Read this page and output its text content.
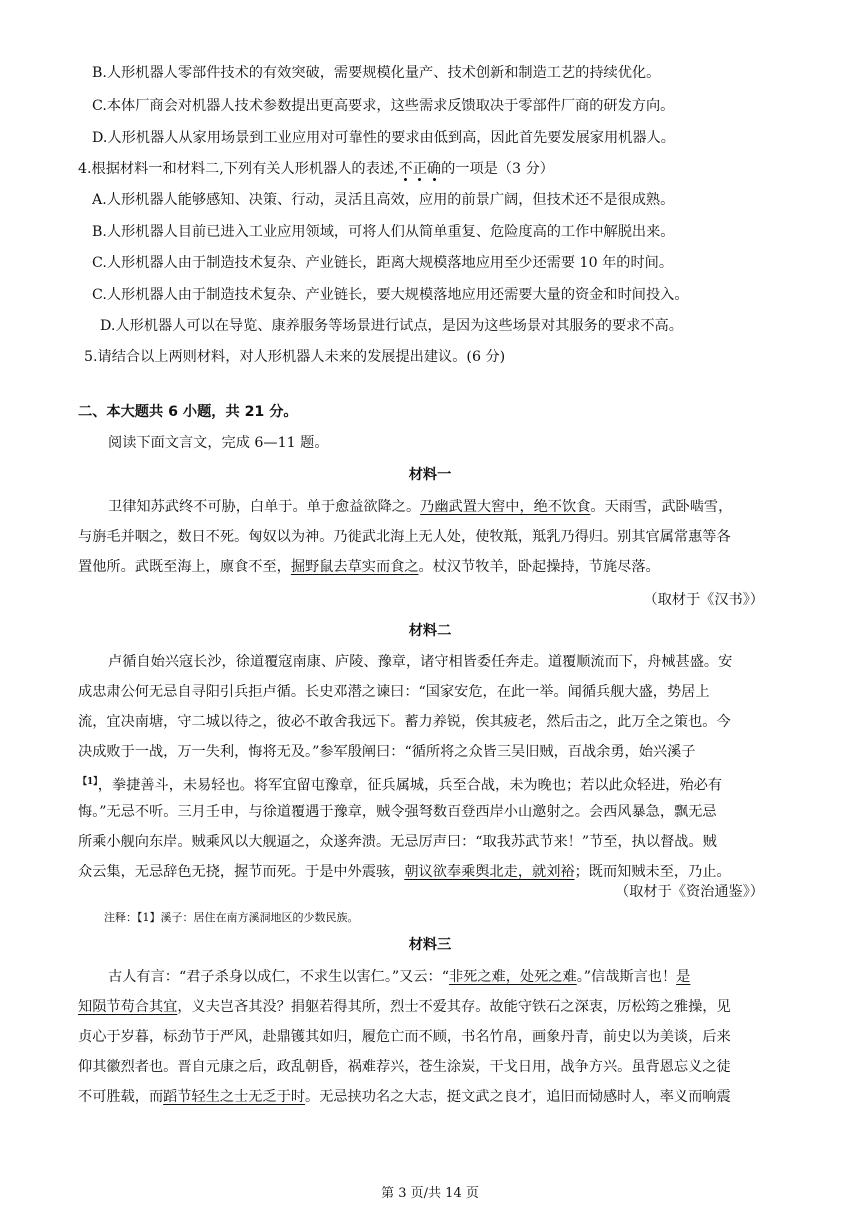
B.人形机器人零部件技术的有效突破，需要规模化量产、技术创新和制造工艺的持续优化。
C.本体厂商会对机器人技术参数提出更高要求，这些需求反馈取决于零部件厂商的研发方向。
D.人形机器人从家用场景到工业应用对可靠性的要求由低到高，因此首先要发展家用机器人。
4.根据材料一和材料二,下列有关人形机器人的表述,不正确的一项是（3 分）
A.人形机器人能够感知、决策、行动，灵活且高效，应用的前景广阔，但技术还不是很成熟。
B.人形机器人目前已进入工业应用领域，可将人们从简单重复、危险度高的工作中解脱出来。
C.人形机器人由于制造技术复杂、产业链长，距离大规模落地应用至少还需要 10 年的时间。
C.人形机器人由于制造技术复杂、产业链长，要大规模落地应用还需要大量的资金和时间投入。
D.人形机器人可以在导览、康养服务等场景进行试点，是因为这些场景对其服务的要求不高。
5.请结合以上两则材料，对人形机器人未来的发展提出建议。(6 分)
二、本大题共 6 小题，共 21 分。
阅读下面文言文，完成 6—11 题。
材料一
卫律知苏武终不可胁，白单于。单于愈益欲降之。乃幽武置大窖中，绝不饮食。天雨雪，武卧啮雪，
与旃毛并咽之，数日不死。匈奴以为神。乃徙武北海上无人处，使牧羝，羝乳乃得归。别其官属常惠等各
置他所。武既至海上，廪食不至，掘野鼠去草实而食之。杖汉节牧羊，卧起操持，节旄尽落。
（取材于《汉书》）
材料二
卢循自始兴寇长沙，徐道覆寇南康、庐陵、豫章，诸守相皆委任奔走。道覆顺流而下，舟械甚盛。安
成忠肃公何无忌自寻阳引兵拒卢循。长史邓潜之谏曰：“国家安危，在此一举。闻循兵舰大盛，势居上
流，宜决南塘，守二城以待之，彼必不敢舍我远下。蓄力养锐，俟其疲老，然后击之，此万全之策也。今
决成败于一战，万一失利，悔将无及。”参军殷阐曰：“循所将之众皆三吴旧贼，百战余勇，始兴溪子
$^{【1】}$，拳捷善斗，未易轻也。将军宜留屯豫章，征兵属城，兵至合战，未为晚也；若以此众轻进，殆必有
悔。”无忌不听。三月壬申，与徐道覆遇于豫章，贼令强弩数百登西岸小山邀射之。会西风暴急，飘无忌
所乘小舰向东岸。贼乘风以大舰逼之，众遂奔溃。无忌厉声曰：“取我苏武节来！”节至，执以督战。贼
众云集，无忌辞色无挠，握节而死。于是中外震骇，朝议欲奉乘舆北走，就刘裕；既而知贼未至，乃止。
（取材于《资治通鉴》）
注释：【1】溪子：居住在南方溪洞地区的少数民族。
材料三
古人有言：“君子杀身以成仁，不求生以害仁。”又云：“非死之难，处死之难。”信哉斯言也！是
知陨节苟合其宜，义夫岂吝其没？捐躯若得其所，烈士不爱其存。故能守铁石之深衷，厉松筠之雅操，见
贞心于岁暮，标劲节于严风，赴鼎镬其如归，履危亡而不顾，书名竹帛，画象丹青，前史以为美谈，后来
仰其徽烈者也。晋自元康之后，政乱朝昏，祸难荐兴，苍生涂炭，干戈日用，战争方兴。虽背恩忘义之徒
不可胜载，而蹈节轻生之士无乏于时。无忌挟功名之大志，挺文武之良才，追旧而恸感时人，率义而响震
第 3 页/共 14 页
